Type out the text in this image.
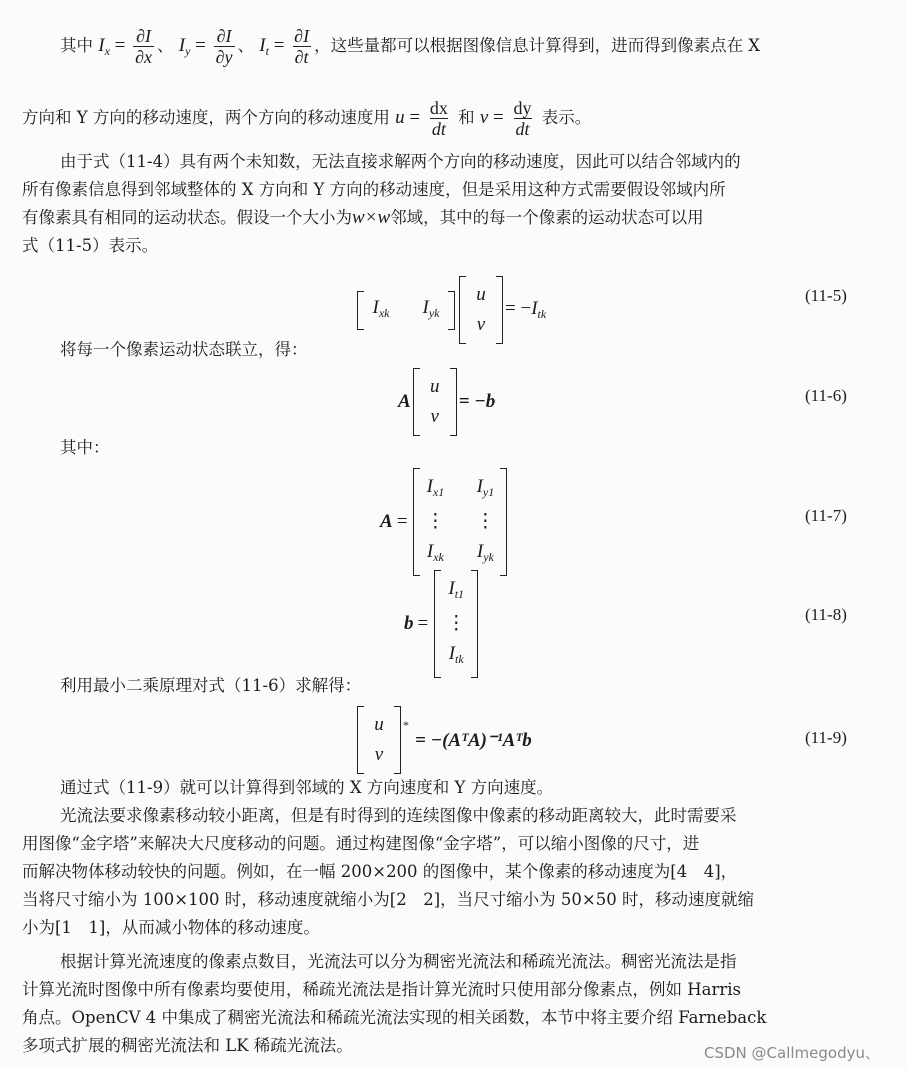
其中 $I_x = \frac{\partial I}{\partial x}$ 、 $I_y = \frac{\partial I}{\partial y}$ 、 $I_t = \frac{\partial I}{\partial t}$ ，这些量都可以根据图像信息计算得到，进而得到像素点在 X
方向和 Y 方向的移动速度，两个方向的移动速度用 $u = \frac{dx}{dt}$ 和 $v = \frac{dy}{dt}$ 表示。
由于式（11-4）具有两个未知数，无法直接求解两个方向的移动速度，因此可以结合邻域内的
所有像素信息得到邻域整体的 X 方向和 Y 方向的移动速度，但是采用这种方式需要假设邻域内所
有像素具有相同的运动状态。假设一个大小为w×w邻域，其中的每一个像素的运动状态可以用
式（11-5）表示。
$I_{xk}$ $I_{yk}$
u
v
= $-I_{tk}$
(11-5)
将每一个像素运动状态联立，得：
A
u
v
= −b	(11-6)
其中：
A =
$I_{x1}$ $I_{y1}$
⋮ ⋮
$I_{xk}$ $I_{yk}$
(11-7)
b =
$I_{t1}$
⋮
$I_{tk}$
(11-8)
利用最小二乘原理对式（11-6）求解得：
u
v
*
= −(AᵀA)⁻¹Aᵀb	(11-9)
通过式（11-9）就可以计算得到邻域的 X 方向速度和 Y 方向速度。
光流法要求像素移动较小距离，但是有时得到的连续图像中像素的移动距离较大，此时需要采
用图像“金字塔”来解决大尺度移动的问题。通过构建图像“金字塔”，可以缩小图像的尺寸，进
而解决物体移动较快的问题。例如，在一幅 200×200 的图像中，某个像素的移动速度为[4　4]，
当将尺寸缩小为 100×100 时，移动速度就缩小为[2　2]，当尺寸缩小为 50×50 时，移动速度就缩
小为[1　1]，从而减小物体的移动速度。
根据计算光流速度的像素点数目，光流法可以分为稠密光流法和稀疏光流法。稠密光流法是指
计算光流时图像中所有像素均要使用，稀疏光流法是指计算光流时只使用部分像素点，例如 Harris
角点。OpenCV 4 中集成了稠密光流法和稀疏光流法实现的相关函数，本节中将主要介绍 Farneback
多项式扩展的稠密光流法和 LK 稀疏光流法。	CSDN @Callmegodyu、
